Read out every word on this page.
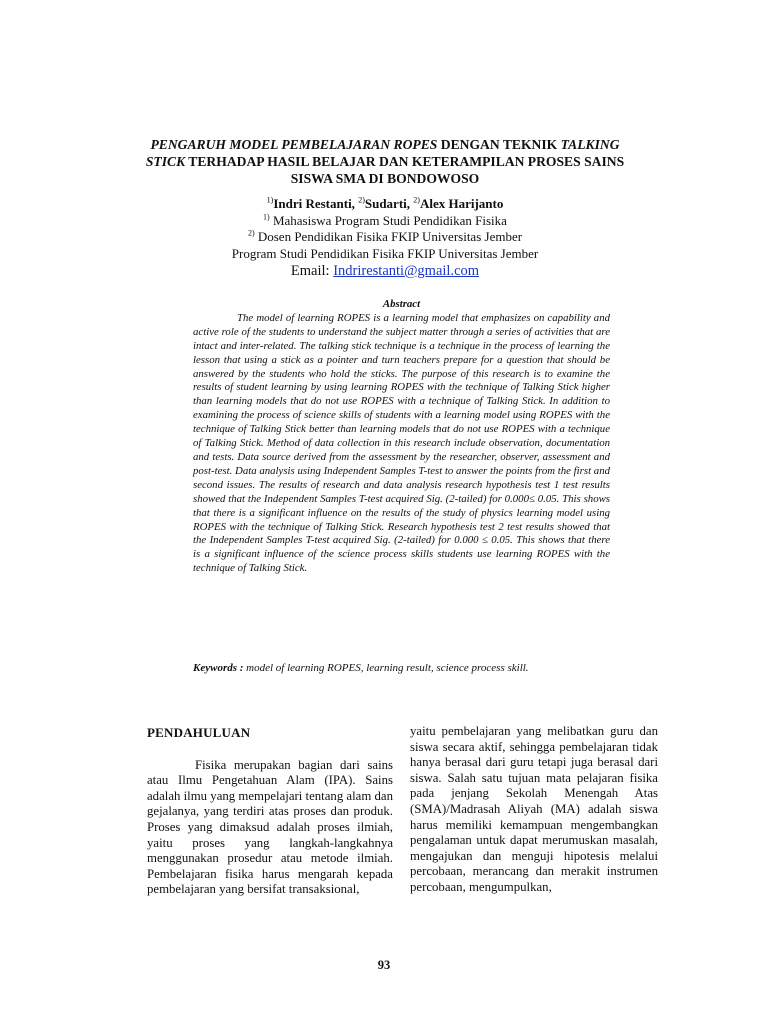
PENGARUH MODEL PEMBELAJARAN ROPES DENGAN TEKNIK TALKING STICK TERHADAP HASIL BELAJAR DAN KETERAMPILAN PROSES SAINS SISWA SMA DI BONDOWOSO
$^{1)}$Indri Restanti, $^{2)}$Sudarti, $^{2)}$Alex Harijanto
$^{1)}$ Mahasiswa Program Studi Pendidikan Fisika
$^{2)}$ Dosen Pendidikan Fisika FKIP Universitas Jember
Program Studi Pendidikan Fisika FKIP Universitas Jember
Email: Indrirestanti@gmail.com
Abstract
The model of learning ROPES is a learning model that emphasizes on capability and active role of the students to understand the subject matter through a series of activities that are intact and inter-related. The talking stick technique is a technique in the process of learning the lesson that using a stick as a pointer and turn teachers prepare for a question that should be answered by the students who hold the sticks. The purpose of this research is to examine the results of student learning by using learning ROPES with the technique of Talking Stick higher than learning models that do not use ROPES with a technique of Talking Stick. In addition to examining the process of science skills of students with a learning model using ROPES with the technique of Talking Stick better than learning models that do not use ROPES with a technique of Talking Stick. Method of data collection in this research include observation, documentation and tests. Data source derived from the assessment by the researcher, observer, assessment and post-test. Data analysis using Independent Samples T-test to answer the points from the first and second issues. The results of research and data analysis research hypothesis test 1 test results showed that the Independent Samples T-test acquired Sig. (2-tailed) for 0.000≤ 0.05. This shows that there is a significant influence on the results of the study of physics learning model using ROPES with the technique of Talking Stick. Research hypothesis test 2 test results showed that the Independent Samples T-test acquired Sig. (2-tailed) for 0.000 ≤ 0.05. This shows that there is a significant influence of the science process skills students use learning ROPES with the technique of Talking Stick.
Keywords : model of learning ROPES, learning result, science process skill.
PENDAHULUAN

Fisika merupakan bagian dari sains atau Ilmu Pengetahuan Alam (IPA). Sains adalah ilmu yang mempelajari tentang alam dan gejalanya, yang terdiri atas proses dan produk. Proses yang dimaksud adalah proses ilmiah, yaitu proses yang langkah-langkahnya menggunakan prosedur atau metode ilmiah. Pembelajaran fisika harus mengarah kepada pembelajaran yang bersifat transaksional,

yaitu pembelajaran yang melibatkan guru dan siswa secara aktif, sehingga pembelajaran tidak hanya berasal dari guru tetapi juga berasal dari siswa. Salah satu tujuan mata pelajaran fisika pada jenjang Sekolah Menengah Atas (SMA)/Madrasah Aliyah (MA) adalah siswa harus memiliki kemampuan mengembangkan pengalaman untuk dapat merumuskan masalah, mengajukan dan menguji hipotesis melalui percobaan, merancang dan merakit instrumen percobaan, mengumpulkan,

93
